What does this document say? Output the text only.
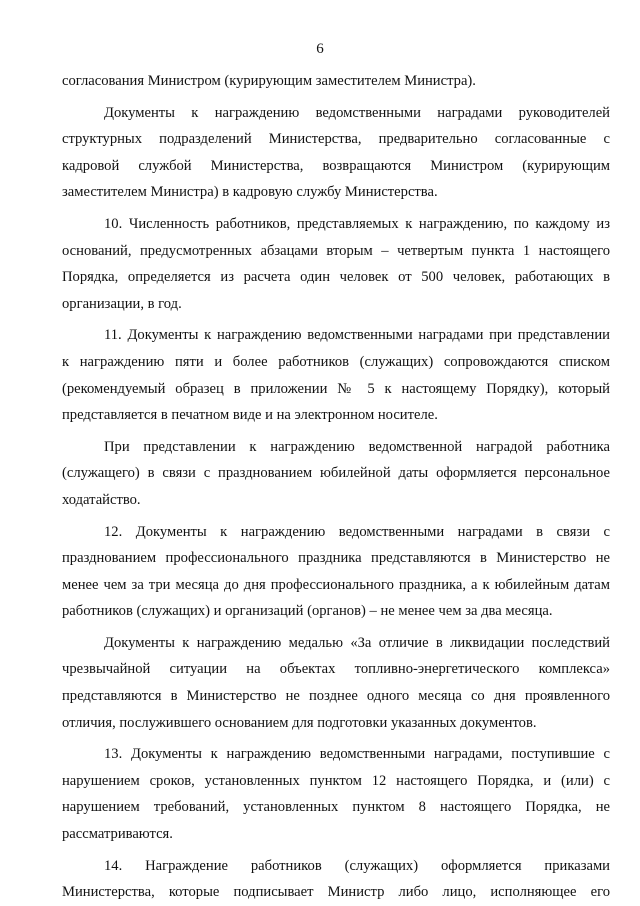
6
согласования Министром (курирующим заместителем Министра).
Документы к награждению ведомственными наградами руководителей
структурных подразделений Министерства, предварительно согласованные с
кадровой службой Министерства, возвращаются Министром (курирующим
заместителем Министра) в кадровую службу Министерства.
10. Численность работников, представляемых к награждению, по каждому из
оснований, предусмотренных абзацами вторым – четвертым пункта 1 настоящего
Порядка, определяется из расчета один человек от 500 человек, работающих в
организации, в год.
11. Документы к награждению ведомственными наградами при представлении
к награждению пяти и более работников (служащих) сопровождаются списком
(рекомендуемый образец в приложении № 5 к настоящему Порядку), который
представляется в печатном виде и на электронном носителе.
При представлении к награждению ведомственной наградой работника
(служащего) в связи с празднованием юбилейной даты оформляется персональное
ходатайство.
12. Документы к награждению ведомственными наградами в связи с
празднованием профессионального праздника представляются в Министерство не
менее чем за три месяца до дня профессионального праздника, а к юбилейным датам
работников (служащих) и организаций (органов) – не менее чем за два месяца.
Документы к награждению медалью «За отличие в ликвидации последствий
чрезвычайной ситуации на объектах топливно-энергетического комплекса»
представляются в Министерство не позднее одного месяца со дня проявленного
отличия, послужившего основанием для подготовки указанных документов.
13. Документы к награждению ведомственными наградами, поступившие с
нарушением сроков, установленных пунктом 12 настоящего Порядка, и (или) с
нарушением требований, установленных пунктом 8 настоящего Порядка, не
рассматриваются.
14. Награждение работников (служащих) оформляется приказами
Министерства, которые подписывает Министр либо лицо, исполняющее его
